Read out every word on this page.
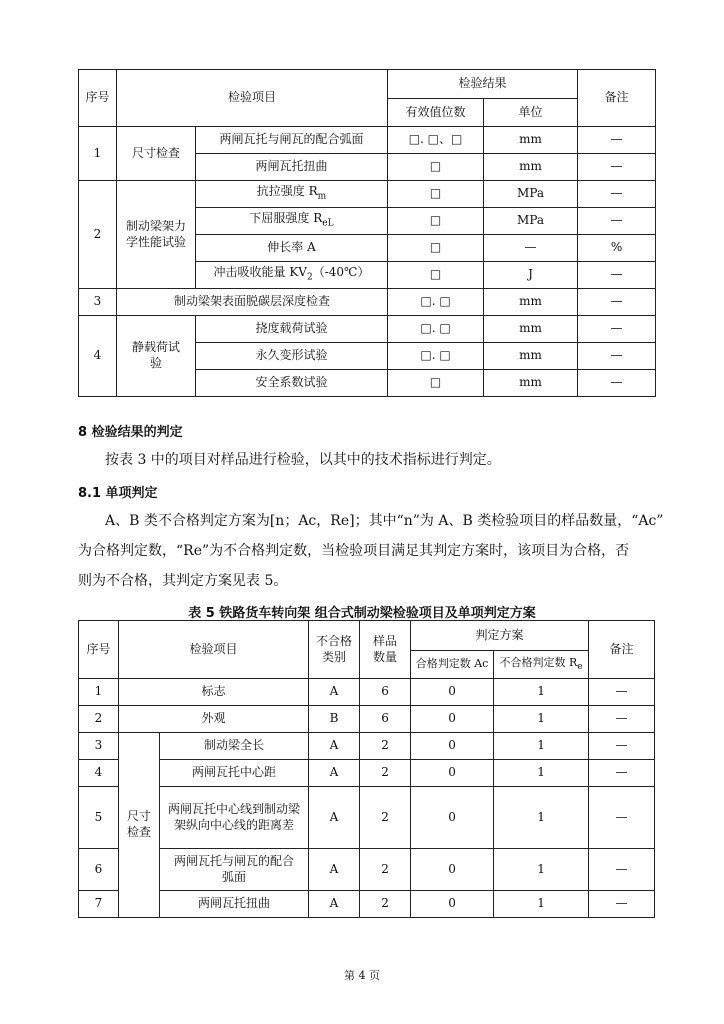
序号	检验项目		检验结果		备注
			有效值位数	单位	
1	尺寸检查	两闸瓦托与闸瓦的配合弧面	□. □、□	mm	—
		两闸瓦托扭曲	□	mm	—
2	制动梁架力学性能试验	抗拉强度 $R_m$	□	MPa	—
		下屈服强度 $R_{eL}$	□	MPa	—
		伸长率 A	□	—	%
		冲击吸收能量 $KV_2(-40℃)$	□	J	—
3	制动梁架表面脱碳层深度检查		□. □	mm	—
4	静载荷试验	挠度载荷试验	□. □	mm	—
		永久变形试验	□. □	mm	—
		安全系数试验	□	mm	—
8 检验结果的判定
按表 3 中的项目对样品进行检验，以其中的技术指标进行判定。
8.1 单项判定
A、B 类不合格判定方案为[n；Ac，Re]；其中“n”为 A、B 类检验项目的样品数量，“Ac”
为合格判定数，“Re”为不合格判定数，当检验项目满足其判定方案时，该项目为合格，否
则为不合格，其判定方案见表 5。
表 5 铁路货车转向架 组合式制动梁检验项目及单项判定方案
序号	检验项目		不合格类别	样品数量	判定方案		备注
					合格判定数 Ac	不合格判定数 $R_e$
1	标志		A	6	0	1	—
2	外观		B	6	0	1	—
3	尺寸检查	制动梁全长	A	2	0	1	—
4		两闸瓦托中心距	A	2	0	1	—
5		两闸瓦托中心线到制动梁架纵向中心线的距离差	A	2	0	1	—
6		两闸瓦托与闸瓦的配合弧面	A	2	0	1	—
7		两闸瓦托扭曲	A	2	0	1	—
第 4 页
